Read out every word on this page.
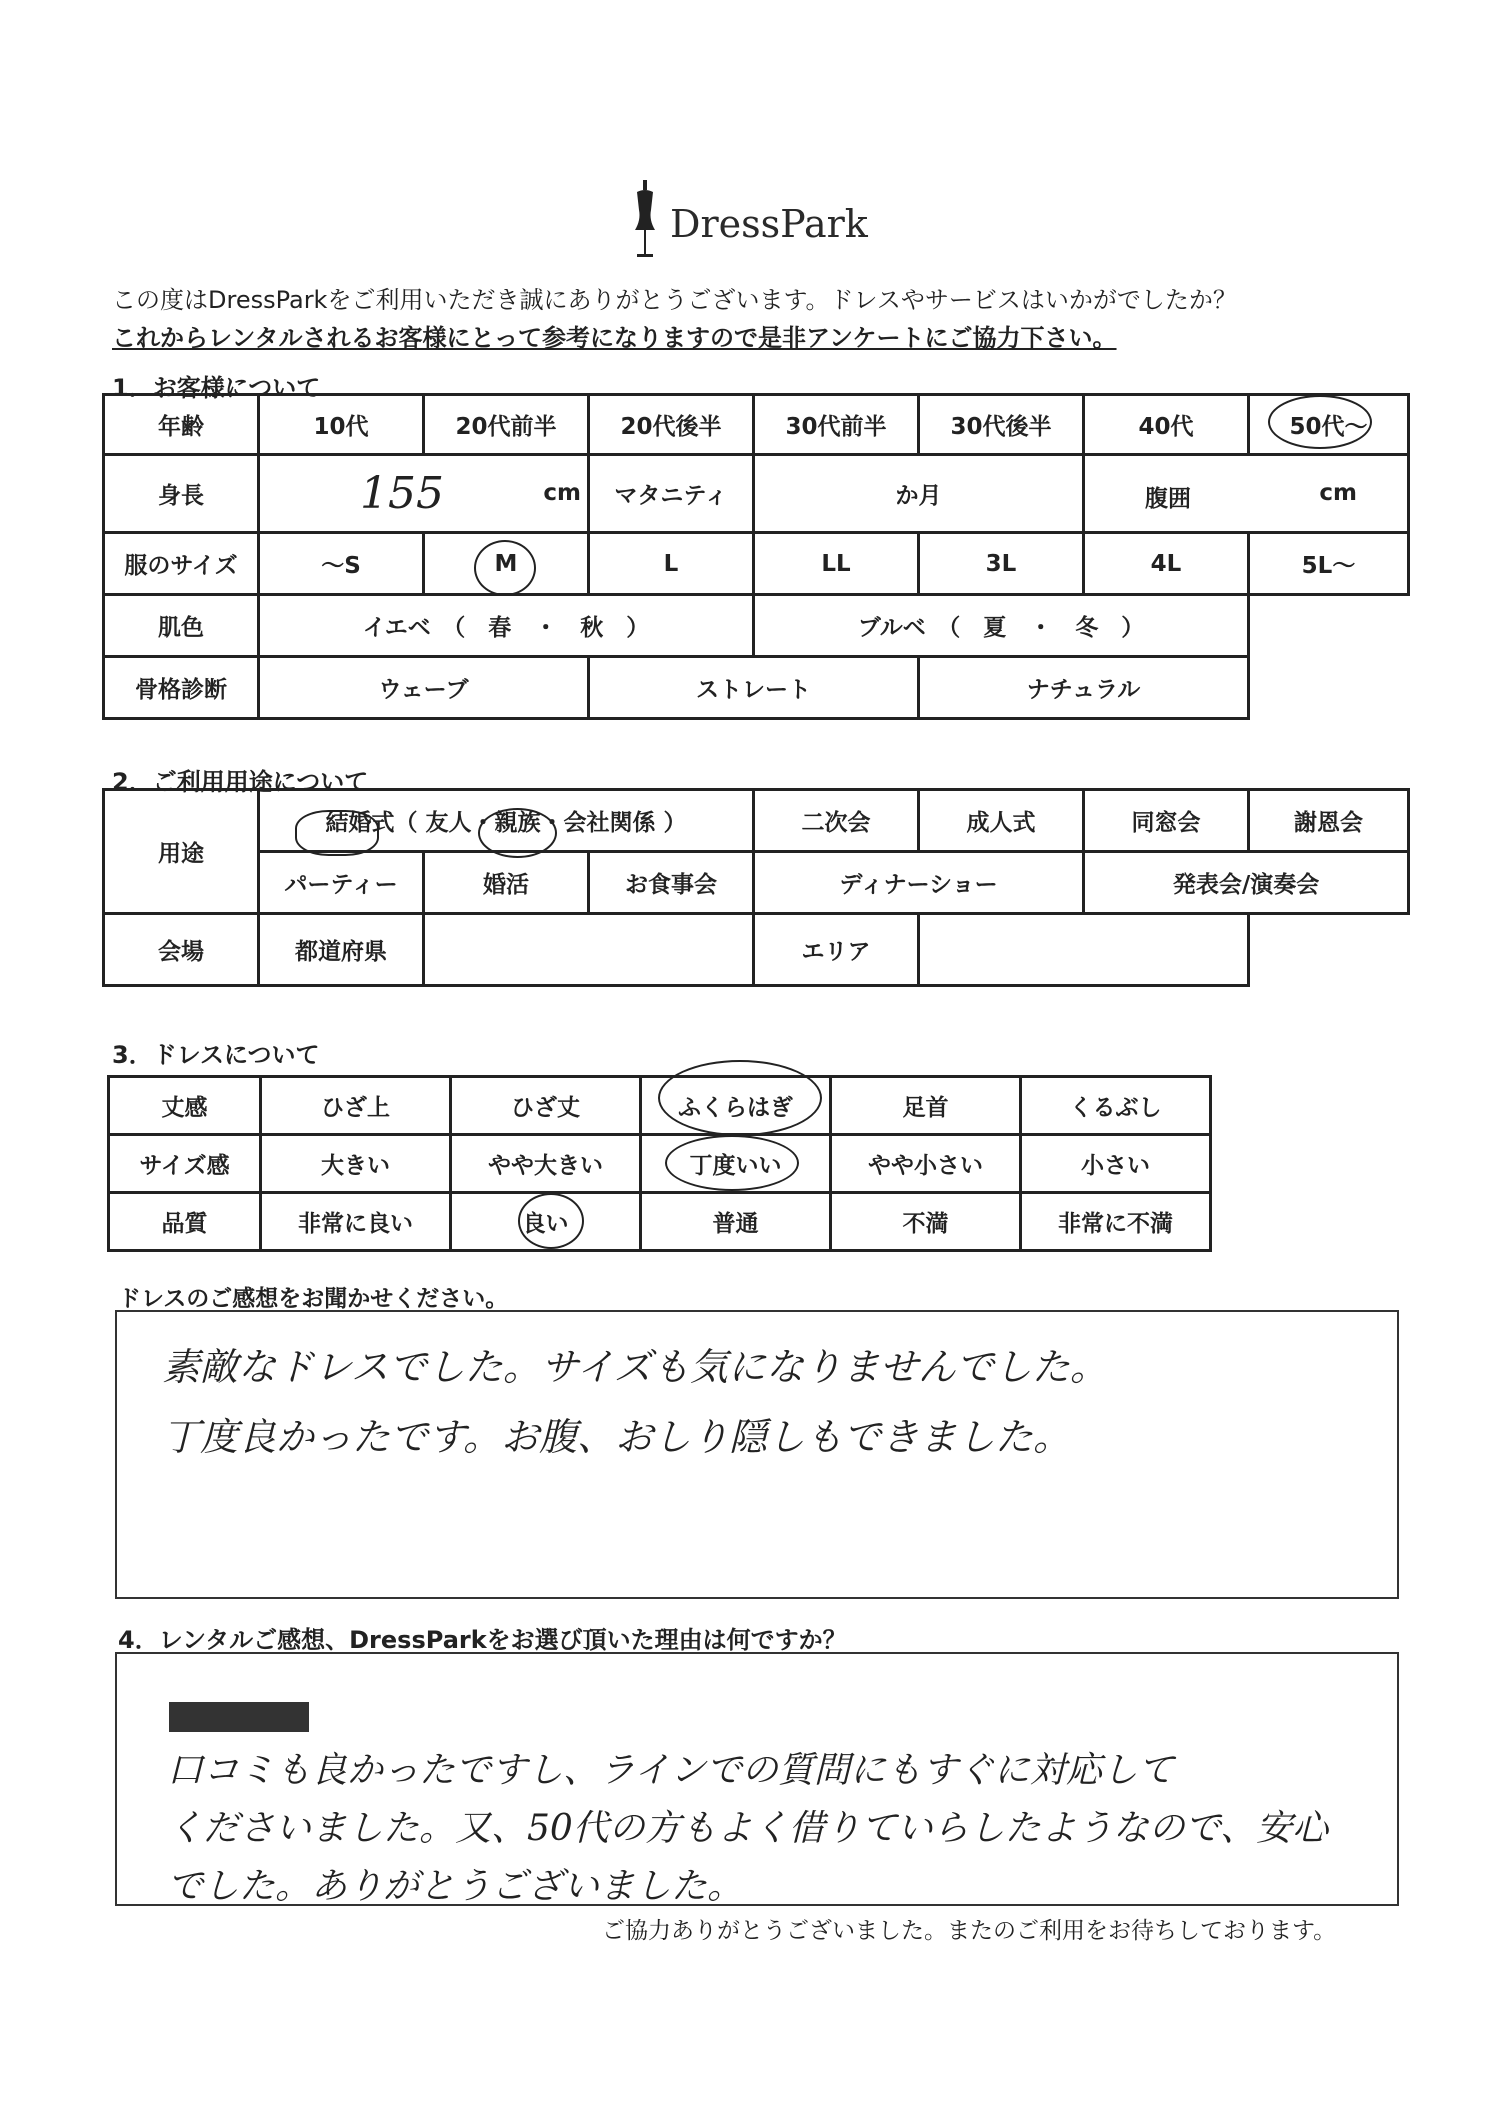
DressPark
この度はDressParkをご利用いただき誠にありがとうございます。ドレスやサービスはいかがでしたか？
これからレンタルされるお客様にとって参考になりますので是非アンケートにご協力下さい。
1．お客様について
年齢	10代	20代前半	20代後半	30代前半	30代後半	40代	50代〜
身長	155 cm		マタニティ	か月		腹囲 cm	

服のサイズ	〜S	M	L	LL	3L	4L	5L〜
肌色	イエベ　（　春　・　秋　）			ブルベ　（　夏　・　冬　）			
骨格診断	ウェーブ		ストレート		ナチュラル		
2．ご利用用途について
用途	結婚式（ 友人・親族・会社関係 ）			二次会	成人式	同窓会	謝恩会
	パーティー	婚活	お食事会	ディナーショー		発表会/演奏会	
会場	都道府県			エリア			
3．ドレスについて
丈感	ひざ上	ひざ丈	ふくらはぎ	足首	くるぶし
サイズ感	大きい	やや大きい	丁度いい	やや小さい	小さい
品質	非常に良い	良い	普通	不満	非常に不満
ドレスのご感想をお聞かせください。
素敵なドレスでした。サイズも気になりませんでした。
丁度良かったです。お腹、おしり隠しもできました。
4．レンタルご感想、DressParkをお選び頂いた理由は何ですか？
口コミも良かったですし、ラインでの質問にもすぐに対応して
くださいました。又、50代の方もよく借りていらしたようなので、安心
でした。ありがとうございました。
ご協力ありがとうございました。またのご利用をお待ちしております。
